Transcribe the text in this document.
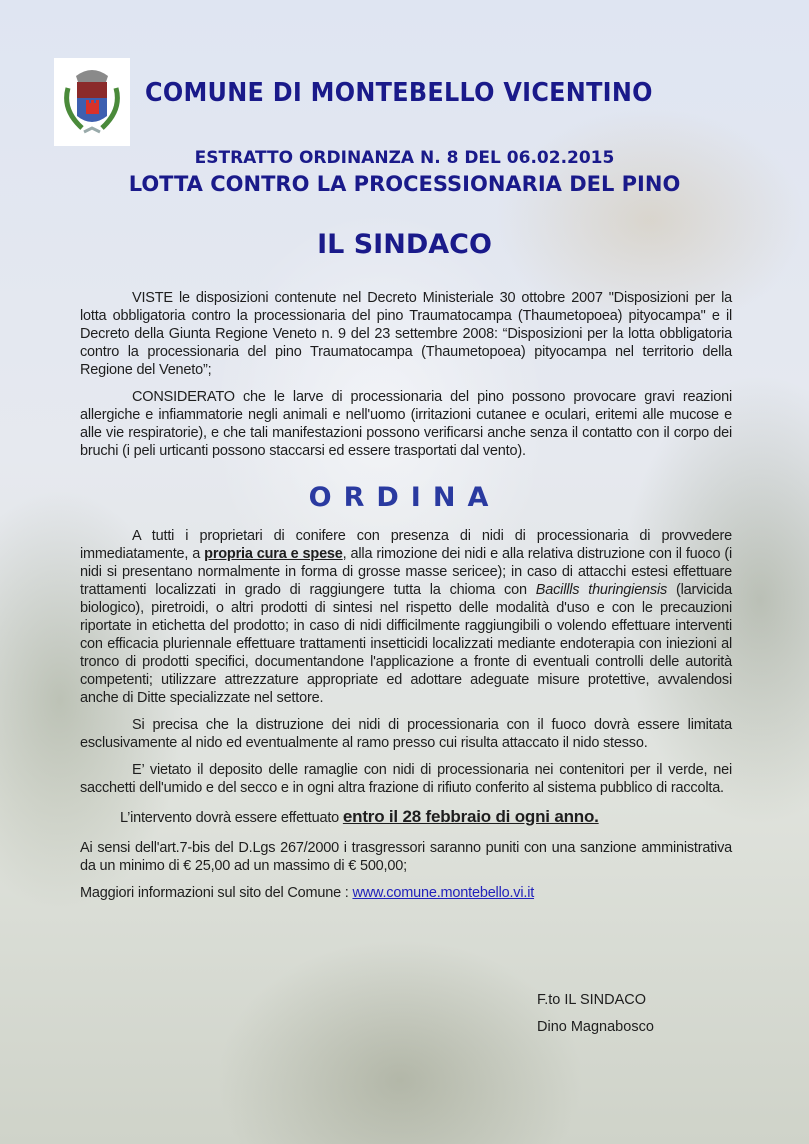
COMUNE DI MONTEBELLO VICENTINO
ESTRATTO ORDINANZA N. 8 DEL 06.02.2015
LOTTA CONTRO LA PROCESSIONARIA DEL PINO
IL SINDACO

VISTE le disposizioni contenute nel Decreto Ministeriale 30 ottobre 2007 "Disposizioni per la lotta obbligatoria contro la processionaria del pino Traumatocampa (Thaumetopoea) pityocampa" e il Decreto della Giunta Regione Veneto n. 9 del 23 settembre 2008: “Disposizioni per la lotta obbligatoria contro la processionaria del pino Traumatocampa (Thaumetopoea) pityocampa nel territorio della Regione del Veneto”;

CONSIDERATO che le larve di processionaria del pino possono provocare gravi reazioni allergiche e infiammatorie negli animali e nell'uomo (irritazioni cutanee e oculari, eritemi alle mucose e alle vie respiratorie), e che tali manifestazioni possono verificarsi anche senza il contatto con il corpo dei bruchi (i peli urticanti possono staccarsi ed essere trasportati dal vento).

ORDINA

A tutti i proprietari di conifere con presenza di nidi di processionaria di provvedere immediatamente, a propria cura e spese, alla rimozione dei nidi e alla relativa distruzione con il fuoco (i nidi si presentano normalmente in forma di grosse masse sericee); in caso di attacchi estesi effettuare trattamenti localizzati in grado di raggiungere tutta la chioma con Bacillls thuringiensis (larvicida biologico), piretroidi, o altri prodotti di sintesi nel rispetto delle modalità d'uso e con le precauzioni riportate in etichetta del prodotto; in caso di nidi difficilmente raggiungibili o volendo effettuare interventi con efficacia pluriennale effettuare trattamenti insetticidi localizzati mediante endoterapia con iniezioni al tronco di prodotti specifici, documentandone l'applicazione a fronte di eventuali controlli delle autorità competenti; utilizzare attrezzature appropriate ed adottare adeguate misure protettive, avvalendosi anche di Ditte specializzate nel settore.

Si precisa che la distruzione dei nidi di processionaria con il fuoco dovrà essere limitata esclusivamente al nido ed eventualmente al ramo presso cui risulta attaccato il nido stesso.

E’ vietato il deposito delle ramaglie con nidi di processionaria nei contenitori per il verde, nei sacchetti dell'umido e del secco e in ogni altra frazione di rifiuto conferito al sistema pubblico di raccolta.

L’intervento dovrà essere effettuato entro il 28 febbraio di ogni anno.

Ai sensi dell'art.7-bis del D.Lgs 267/2000 i trasgressori saranno puniti con una sanzione amministrativa da un minimo di € 25,00 ad un massimo di € 500,00;

Maggiori informazioni sul sito del Comune : www.comune.montebello.vi.it

F.to IL SINDACO
Dino Magnabosco
